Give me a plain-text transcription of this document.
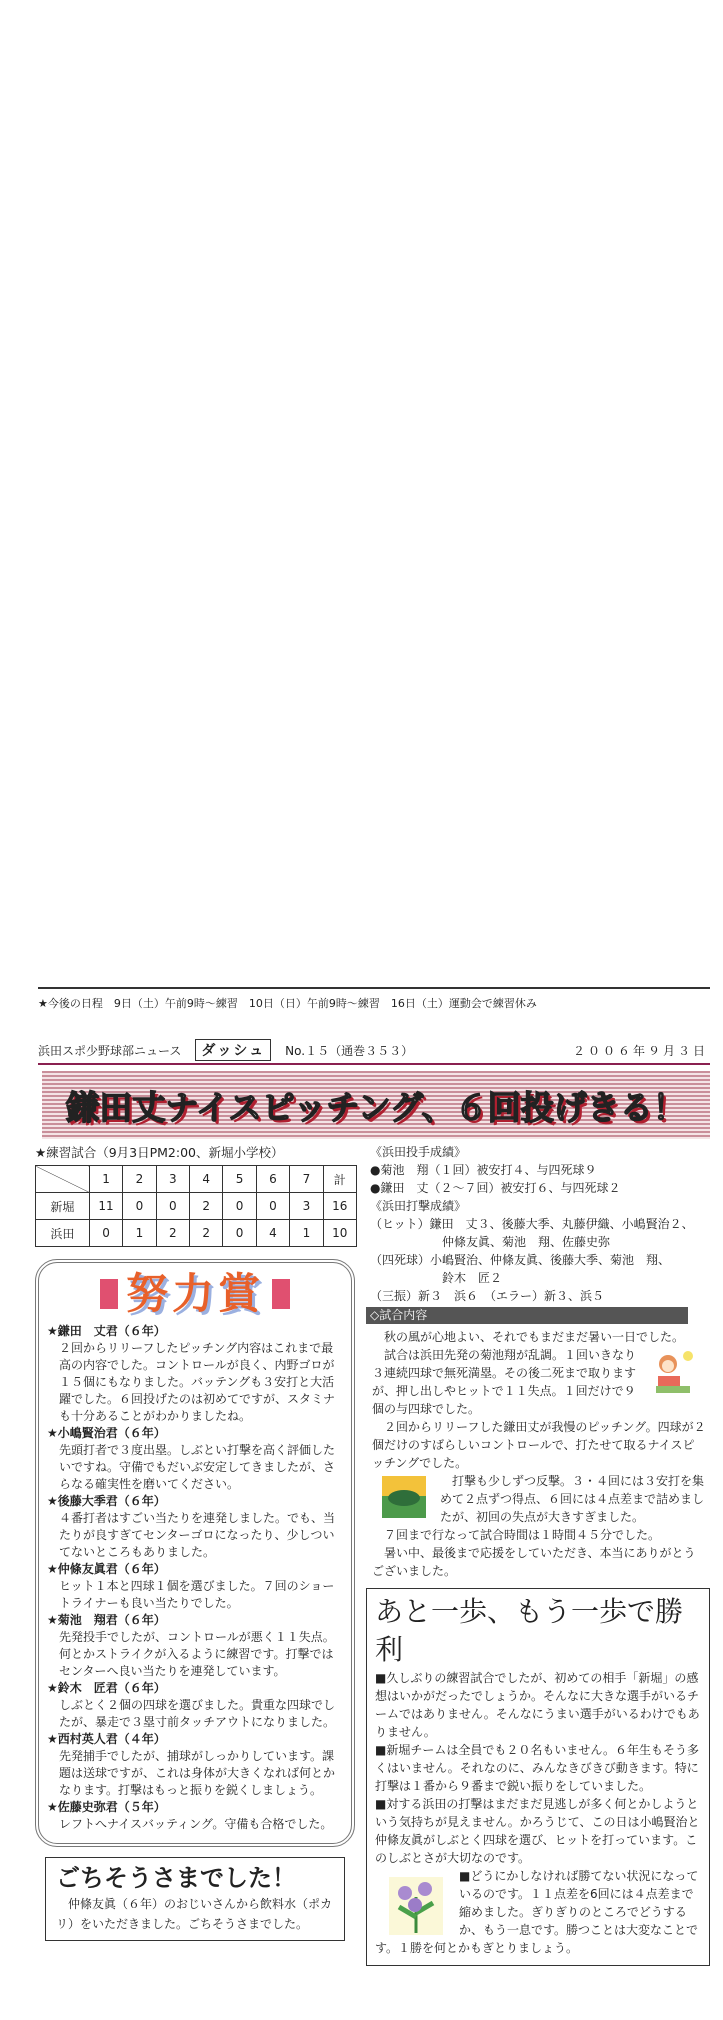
浜田スポ少野球部ニュース	ダッシュ	No.１５（通巻３５３）	２００６年９月３日
鎌田丈ナイスピッチング、６回投げきる！
★練習試合（9月3日PM2:00、新堀小学校）
	1	2	3	4	5	6	7	計
新堀	11	0	0	2	0	0	3	16
浜田	0	1	2	2	0	4	1	10
努力賞
★鎌田　丈君（６年）

２回からリリーフしたピッチング内容はこれまで最高の内容でした。コントロールが良く、内野ゴロが１５個にもなりました。バッテングも３安打と大活躍でした。６回投げたのは初めてですが、スタミナも十分あることがわかりましたね。

★小嶋賢治君（６年）

先頭打者で３度出塁。しぶとい打撃を高く評価したいですね。守備でもだいぶ安定してきましたが、さらなる確実性を磨いてください。

★後藤大季君（６年）

４番打者はすごい当たりを連発しました。でも、当たりが良すぎてセンターゴロになったり、少しついてないところもありました。

★仲條友眞君（６年）

ヒット１本と四球１個を選びました。７回のショートライナーも良い当たりでした。

★菊池　翔君（６年）

先発投手でしたが、コントロールが悪く１１失点。何とかストライクが入るように練習です。打撃ではセンターへ良い当たりを連発しています。

★鈴木　匠君（６年）

しぶとく２個の四球を選びました。貴重な四球でしたが、暴走で３塁寸前タッチアウトになりました。

★西村英人君（４年）

先発捕手でしたが、捕球がしっかりしています。課題は送球ですが、これは身体が大きくなれば何とかなります。打撃はもっと振りを鋭くしましょう。

★佐藤史弥君（５年）

レフトへナイスバッティング。守備も合格でした。

ごちそうさまでした！

仲條友眞（６年）のおじいさんから飲料水（ポカリ）をいただきました。ごちそうさまでした。

《浜田投手成績》
●菊池　翔（１回）被安打４、与四死球９
●鎌田　丈（２〜７回）被安打６、与四死球２
《浜田打撃成績》
（ヒット）鎌田　丈３、後藤大季、丸藤伊織、小嶋賢治２、
仲條友眞、菊池　翔、佐藤史弥
（四死球）小嶋賢治、仲條友眞、後藤大季、菊池　翔、
鈴木　匠２
（三振）新３　浜６　（エラー）新３、浜５
◇試合内容

　秋の風が心地よい、それでもまだまだ暑い一日でした。

　試合は浜田先発の菊池翔が乱調。１回いきなり３連続四球で無死満塁。その後二死まで取りますが、押し出しやヒットで１１失点。１回だけで９個の与四球でした。

　２回からリリーフした鎌田丈が我慢のピッチング。四球が２個だけのすばらしいコントロールで、打たせて取るナイスピッチングでした。

　打撃も少しずつ反撃。３・４回には３安打を集めて２点ずつ得点、６回には４点差まで詰めましたが、初回の失点が大きすぎました。

　７回まで行なって試合時間は１時間４５分でした。

　暑い中、最後まで応援をしていただき、本当にありがとうございました。

あと一歩、もう一歩で勝利

■久しぶりの練習試合でしたが、初めての相手「新堀」の感想はいかがだったでしょうか。そんなに大きな選手がいるチームではありません。そんなにうまい選手がいるわけでもありません。

■新堀チームは全員でも２０名もいません。６年生もそう多くはいません。それなのに、みんなきびきび動きます。特に打撃は１番から９番まで鋭い振りをしていました。

■対する浜田の打撃はまだまだ見逃しが多く何とかしようという気持ちが見えません。かろうじて、この日は小嶋賢治と仲條友眞がしぶとく四球を選び、ヒットを打っています。このしぶとさが大切なのです。

■どうにかしなければ勝てない状況になっているのです。１１点差を6回には４点差まで縮めました。ぎりぎりのところでどうするか、もう一息です。勝つことは大変なことです。１勝を何とかもぎとりましょう。

★今後の日程　9日（土）午前9時〜練習　10日（日）午前9時〜練習　16日（土）運動会で練習休み
